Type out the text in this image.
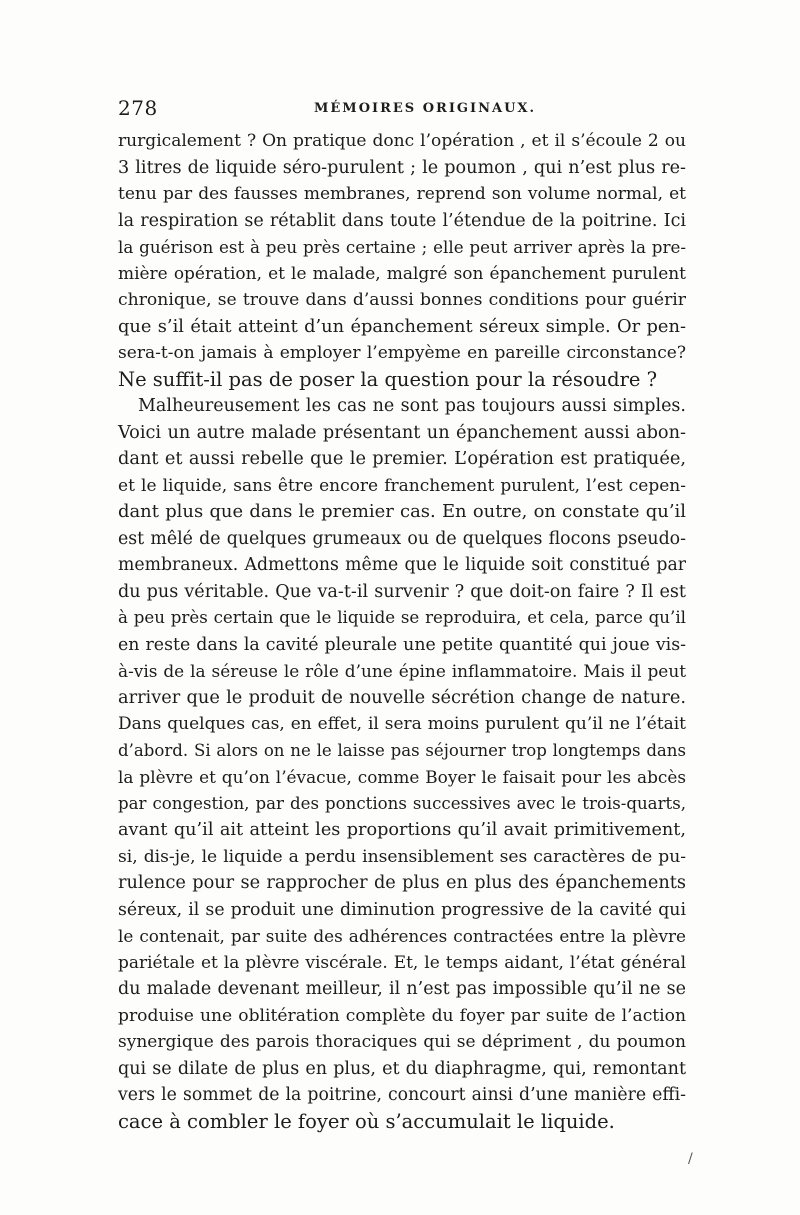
278	MÉMOIRES ORIGINAUX.

rurgicalement ? On pratique donc l’opération , et il s’écoule 2 ou
3 litres de liquide séro-purulent ; le poumon , qui n’est plus re-
tenu par des fausses membranes, reprend son volume normal, et
la respiration se rétablit dans toute l’étendue de la poitrine. Ici
la guérison est à peu près certaine ; elle peut arriver après la pre-
mière opération, et le malade, malgré son épanchement purulent
chronique, se trouve dans d’aussi bonnes conditions pour guérir
que s’il était atteint d’un épanchement séreux simple. Or pen-
sera-t-on jamais à employer l’empyème en pareille circonstance?
Ne suffit-il pas de poser la question pour la résoudre ?

Malheureusement les cas ne sont pas toujours aussi simples.
Voici un autre malade présentant un épanchement aussi abon-
dant et aussi rebelle que le premier. L’opération est pratiquée,
et le liquide, sans être encore franchement purulent, l’est cepen-
dant plus que dans le premier cas. En outre, on constate qu’il
est mêlé de quelques grumeaux ou de quelques flocons pseudo-
membraneux. Admettons même que le liquide soit constitué par
du pus véritable. Que va-t-il survenir ? que doit-on faire ? Il est
à peu près certain que le liquide se reproduira, et cela, parce qu’il
en reste dans la cavité pleurale une petite quantité qui joue vis-
à-vis de la séreuse le rôle d’une épine inflammatoire. Mais il peut
arriver que le produit de nouvelle sécrétion change de nature.
Dans quelques cas, en effet, il sera moins purulent qu’il ne l’était
d’abord. Si alors on ne le laisse pas séjourner trop longtemps dans
la plèvre et qu’on l’évacue, comme Boyer le faisait pour les abcès
par congestion, par des ponctions successives avec le trois-quarts,
avant qu’il ait atteint les proportions qu’il avait primitivement,
si, dis-je, le liquide a perdu insensiblement ses caractères de pu-
rulence pour se rapprocher de plus en plus des épanchements
séreux, il se produit une diminution progressive de la cavité qui
le contenait, par suite des adhérences contractées entre la plèvre
pariétale et la plèvre viscérale. Et, le temps aidant, l’état général
du malade devenant meilleur, il n’est pas impossible qu’il ne se
produise une oblitération complète du foyer par suite de l’action
synergique des parois thoraciques qui se dépriment , du poumon
qui se dilate de plus en plus, et du diaphragme, qui, remontant
vers le sommet de la poitrine, concourt ainsi d’une manière effi-
cace à combler le foyer où s’accumulait le liquide.

/
